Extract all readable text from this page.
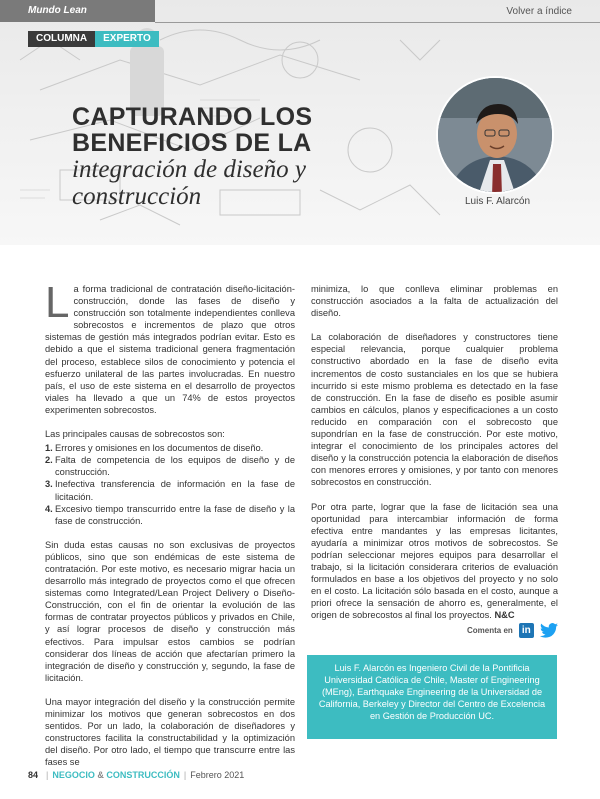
Mundo Lean	Volver a índice
COLUMNA	EXPERTO
CAPTURANDO LOS
BENEFICIOS DE LA
integración de diseño y
construcción	Luis F. Alarcón

La forma tradicional de contratación diseño-licitación-construcción, donde las fases de diseño y construcción son totalmente independientes conlleva sobrecostos e incrementos de plazo que otros sistemas de gestión más integrados podrían evitar. Esto es debido a que el sistema tradicional genera fragmentación del proceso, establece silos de conocimiento y potencia el esfuerzo unilateral de las partes involucradas. En nuestro país, el uso de este sistema en el desarrollo de proyectos viales ha llevado a que un 74% de estos proyectos experimenten sobrecostos.

Las principales causas de sobrecostos son:

1. Errores y omisiones en los documentos de diseño.
2. Falta de competencia de los equipos de diseño y de construcción.
3. Inefectiva transferencia de información en la fase de licitación.
4. Excesivo tiempo transcurrido entre la fase de diseño y la fase de construcción.

Sin duda estas causas no son exclusivas de proyectos públicos, sino que son endémicas de este sistema de contratación. Por este motivo, es necesario migrar hacia un desarrollo más integrado de proyectos como el que ofrecen sistemas como Integrated/Lean Project Delivery o Diseño-Construcción, con el fin de orientar la evolución de las formas de contratar proyectos públicos y privados en Chile, y así lograr procesos de diseño y construcción más efectivos. Para impulsar estos cambios se podrían considerar dos líneas de acción que afectarían primero la integración de diseño y construcción y, segundo, la fase de licitación.

Una mayor integración del diseño y la construcción permite minimizar los motivos que generan sobrecostos en dos sentidos. Por un lado, la colaboración de diseñadores y constructores facilita la constructabilidad y la optimización del diseño. Por otro lado, el tiempo que transcurre entre las fases se

minimiza, lo que conlleva eliminar problemas en construcción asociados a la falta de actualización del diseño.

La colaboración de diseñadores y constructores tiene especial relevancia, porque cualquier problema constructivo abordado en la fase de diseño evita incrementos de costo sustanciales en los que se hubiera incurrido si este mismo problema es detectado en la fase de construcción. En la fase de diseño es posible asumir cambios en cálculos, planos y especificaciones a un costo reducido en comparación con el sobrecosto que supondrían en la fase de construcción. Por este motivo, integrar el conocimiento de los principales actores del diseño y la construcción potencia la elaboración de diseños con menores errores y omisiones, y por tanto con menores sobrecostos en construcción.

Por otra parte, lograr que la fase de licitación sea una oportunidad para intercambiar información de forma efectiva entre mandantes y las empresas licitantes, ayudaría a minimizar otros motivos de sobrecostos. Se podrían seleccionar mejores equipos para desarrollar el trabajo, si la licitación considerara criterios de evaluación formulados en base a los objetivos del proyecto y no solo en el costo. La licitación sólo basada en el costo, aunque a priori ofrece la sensación de ahorro es, generalmente, el origen de sobrecostos al final los proyectos. N&C

Comenta en in
Luis F. Alarcón es Ingeniero Civil de la Pontificia Universidad Católica de Chile, Master of Engineering (MEng), Earthquake Engineering de la Universidad de California, Berkeley y Director del Centro de Excelencia en Gestión de Producción UC.
84 | NEGOCIO & CONSTRUCCIÓN | Febrero 2021
